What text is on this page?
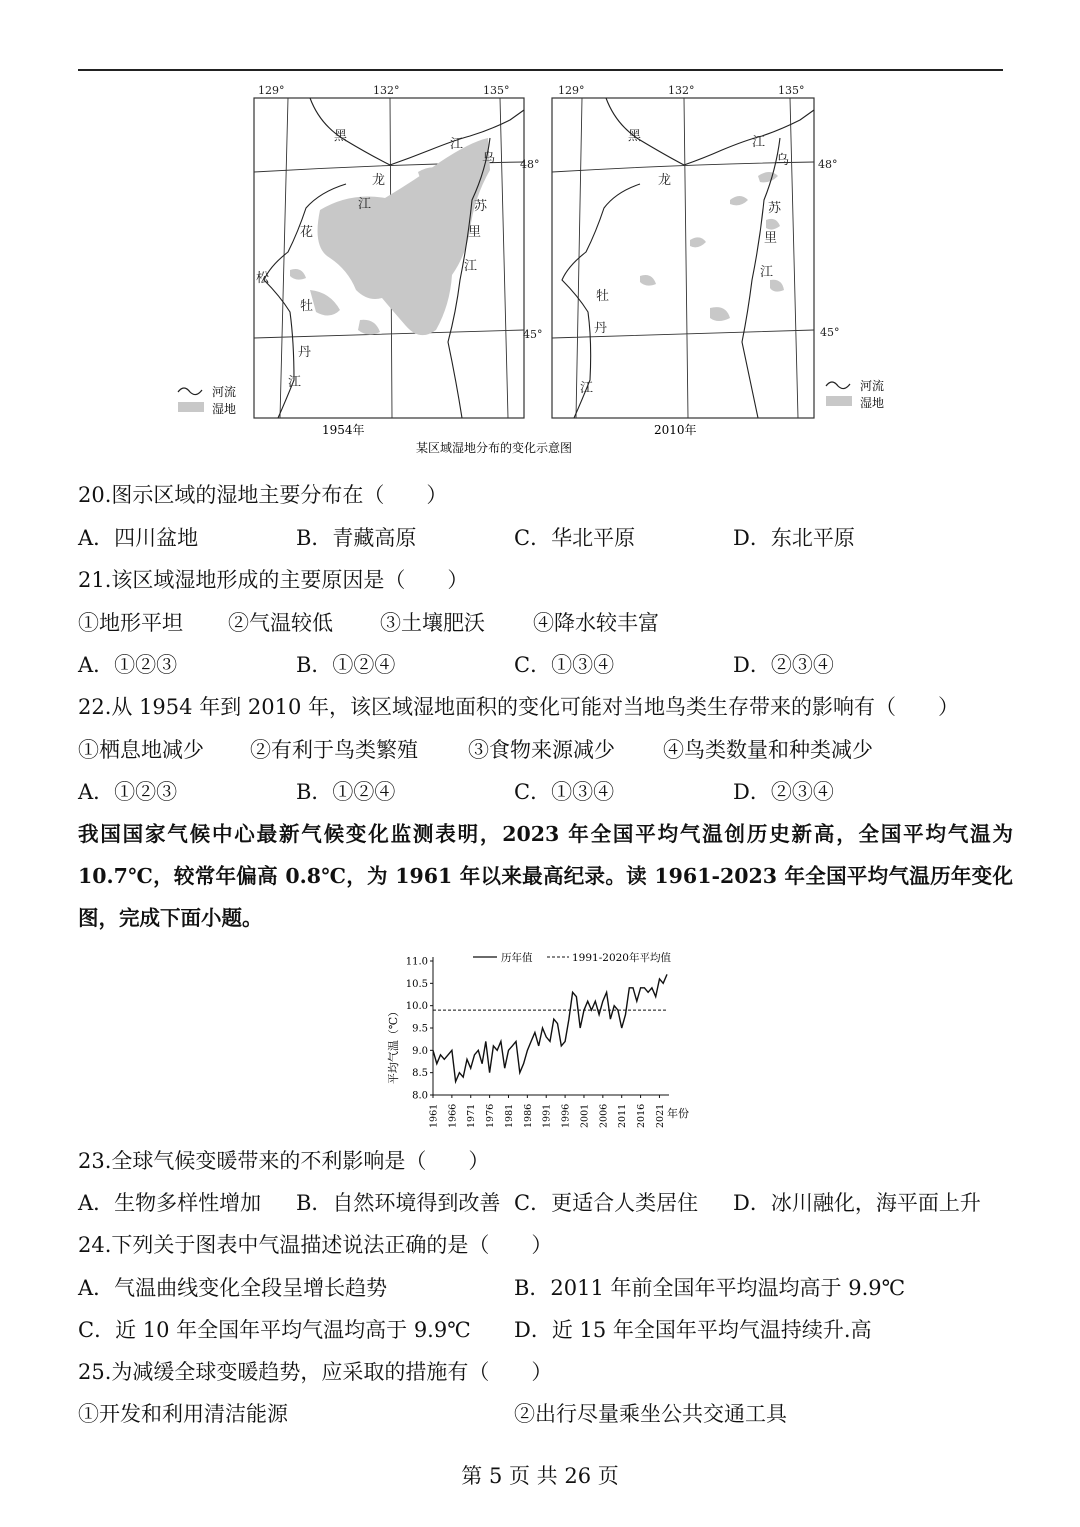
129°	132°	135°
48°
45°
黑
龙
江
乌
苏
里
江
花
江
松
牡
丹
江
河流
湿地
1954年
129°	132°	135°
48°
45°
黑
龙
江
乌
苏
里
江
牡
丹
江	河流
湿地
2010年
某区域湿地分布的变化示意图
20.图示区域的湿地主要分布在（　　）
A．四川盆地	B．青藏高原	C．华北平原	D．东北平原
21.该区域湿地形成的主要原因是（　　）
①地形平坦 ②气温较低 ③土壤肥沃 ④降水较丰富
A．①②③	B．①②④	C．①③④	D．②③④
22.从 1954 年到 2010 年，该区域湿地面积的变化可能对当地鸟类生存带来的影响有（　　）
①栖息地减少 ②有利于鸟类繁殖 ③食物来源减少 ④鸟类数量和种类减少
A．①②③	B．①②④	C．①③④	D．②③④
我国国家气候中心最新气候变化监测表明，2023 年全国平均气温创历史新高，全国平均气温为 10.7℃，较常年偏高 0.8℃，为 1961 年以来最高纪录。读 1961-2023 年全国平均气温历年变化图，完成下面小题。
11.0
10.5
10.0
9.5
9.0
8.5
8.0
1961 1966 1971 1976 1981 1986 1991 1996 2001 2006 2011 2016 2021
历年值	1991-2020年平均值
平均气温（℃）
年份
23.全球气候变暖带来的不利影响是（　　）
A．生物多样性增加 B．自然环境得到改善 C．更适合人类居住 D．冰川融化，海平面上升
24.下列关于图表中气温描述说法正确的是（　　）
A．气温曲线变化全段呈增长趋势	B．2011 年前全国年平均温均高于 9.9℃
C．近 10 年全国年平均气温均高于 9.9℃ D．近 15 年全国年平均气温持续升.高
25.为减缓全球变暖趋势，应采取的措施有（　　）
①开发和利用清洁能源	②出行尽量乘坐公共交通工具
第 5 页 共 26 页
